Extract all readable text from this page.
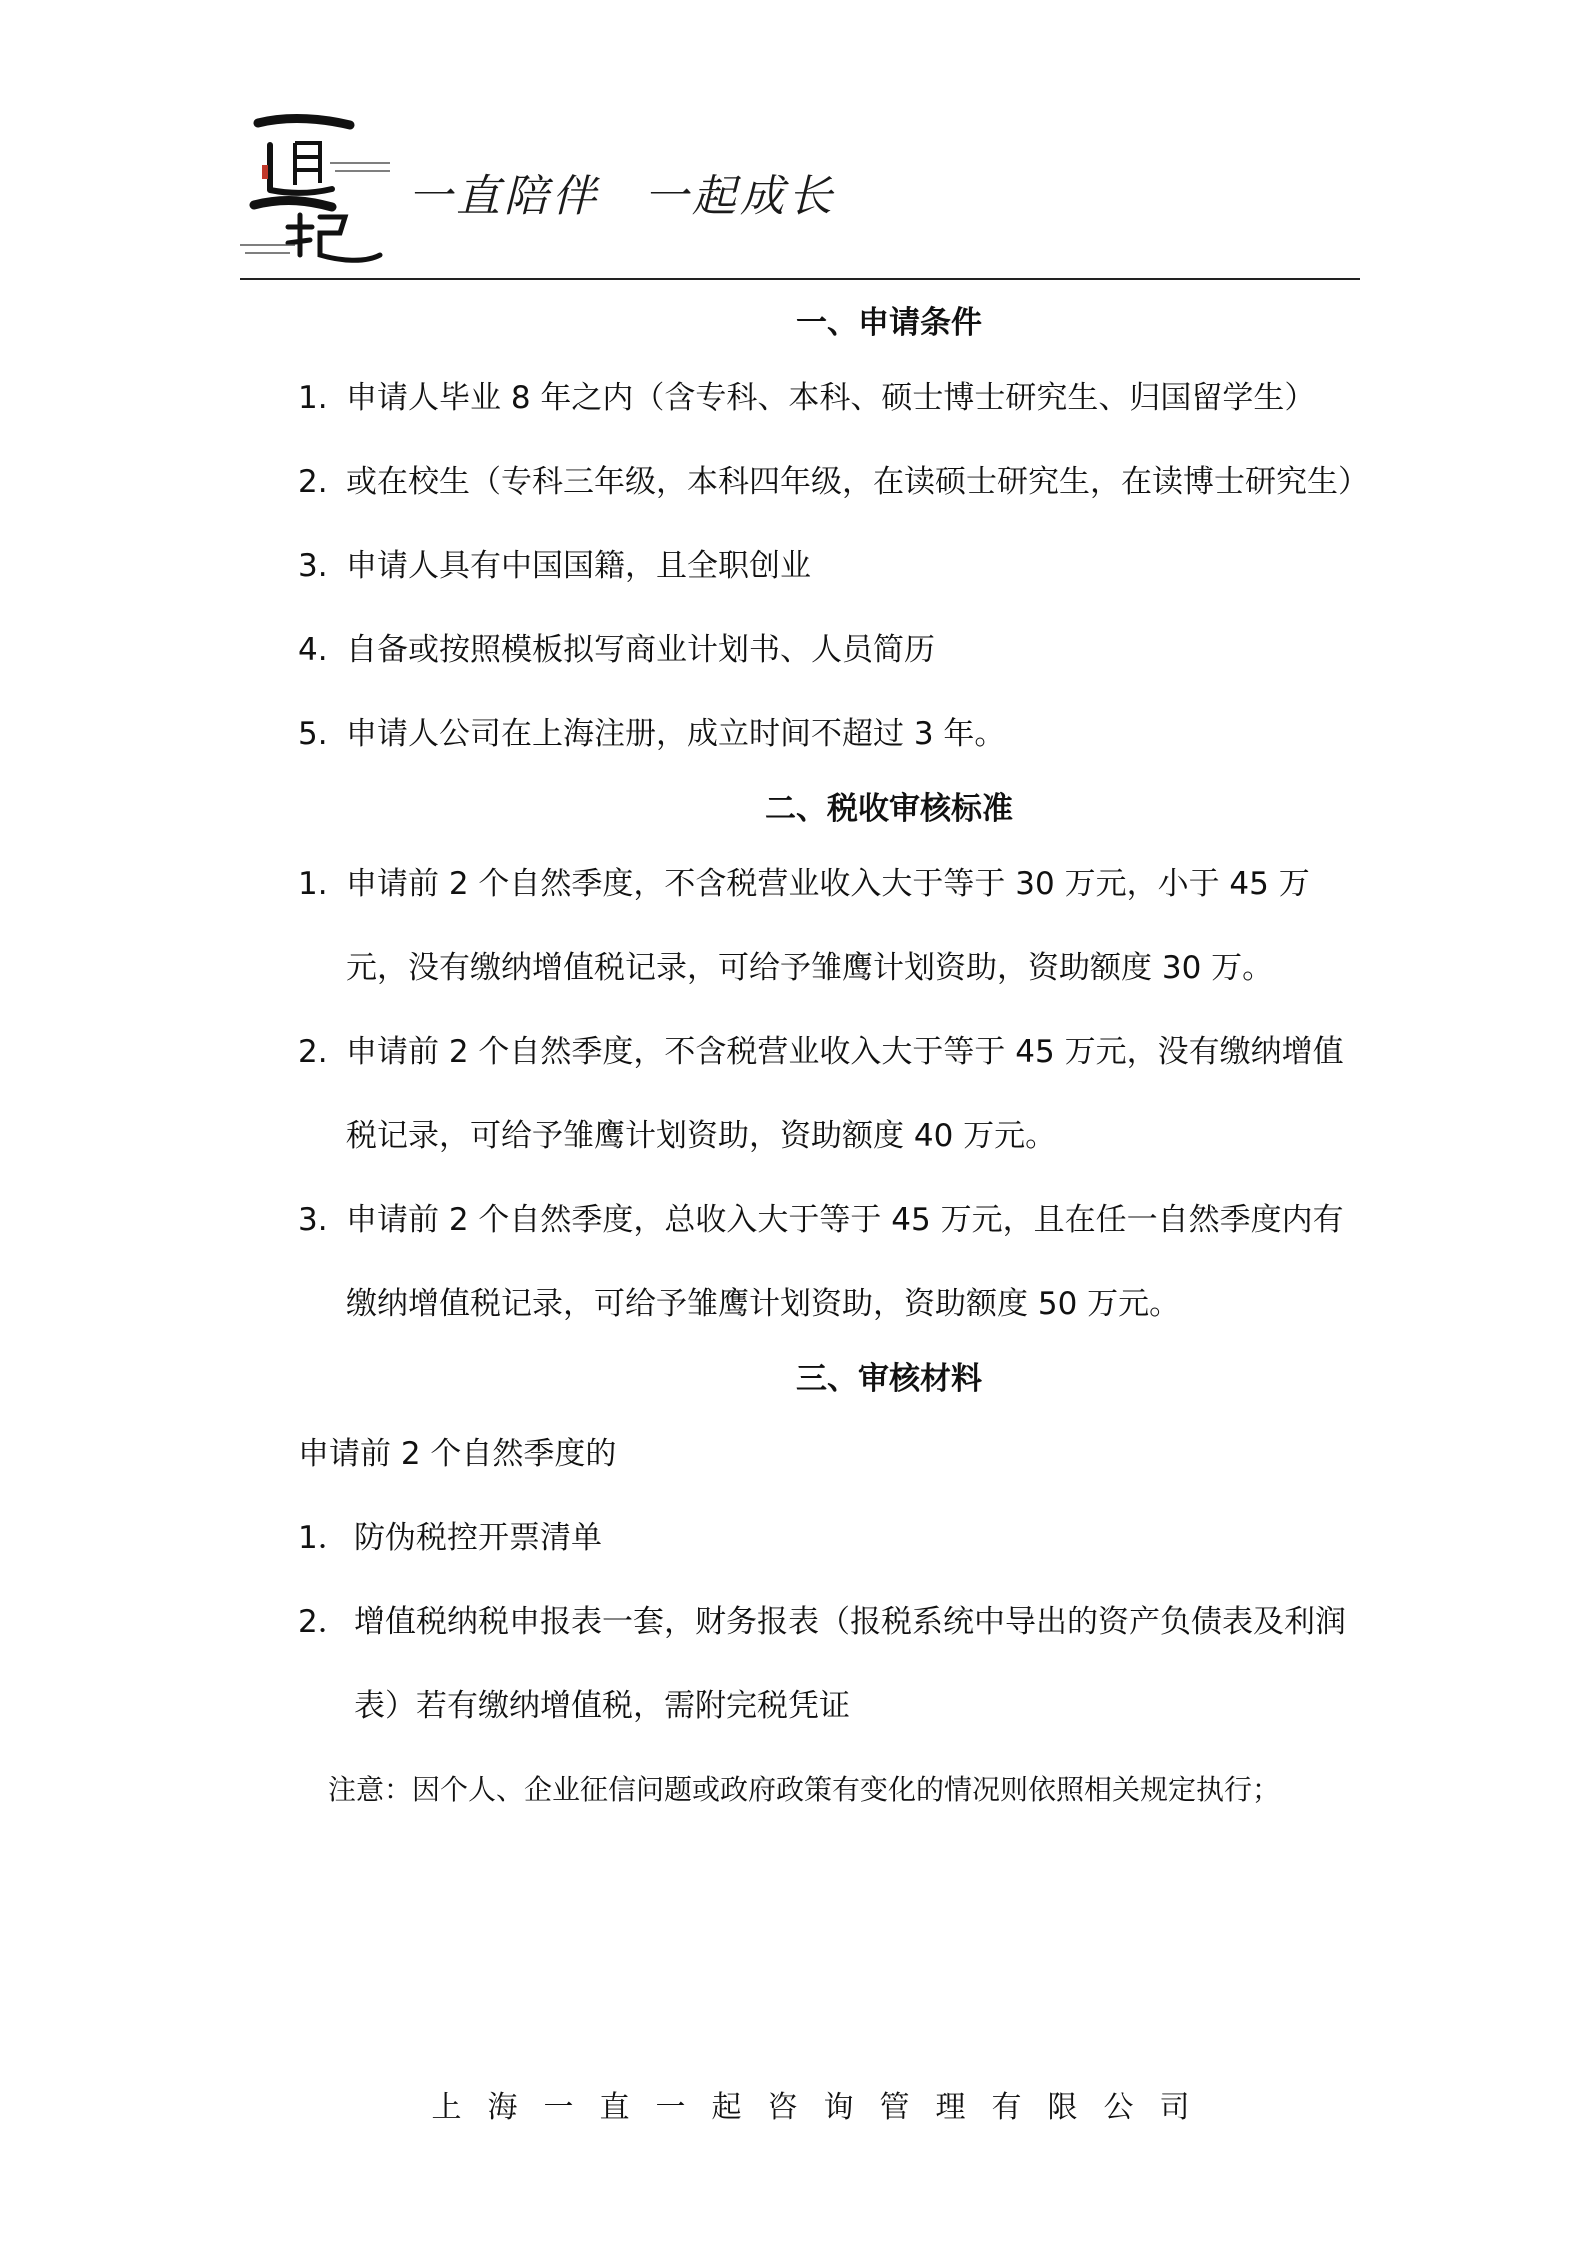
一直陪伴 一起成长
一、申请条件
1. 申请人毕业 8 年之内（含专科、本科、硕士博士研究生、归国留学生）
2. 或在校生（专科三年级，本科四年级，在读硕士研究生，在读博士研究生）
3. 申请人具有中国国籍，且全职创业
4. 自备或按照模板拟写商业计划书、人员简历
5. 申请人公司在上海注册，成立时间不超过 3 年。
二、税收审核标准
1. 申请前 2 个自然季度，不含税营业收入大于等于 30 万元，小于 45 万元，没有缴纳增值税记录，可给予雏鹰计划资助，资助额度 30 万。
2. 申请前 2 个自然季度，不含税营业收入大于等于 45 万元，没有缴纳增值税记录，可给予雏鹰计划资助，资助额度 40 万元。
3. 申请前 2 个自然季度，总收入大于等于 45 万元，且在任一自然季度内有缴纳增值税记录，可给予雏鹰计划资助，资助额度 50 万元。
三、审核材料
申请前 2 个自然季度的
1． 防伪税控开票清单
2． 增值税纳税申报表一套，财务报表（报税系统中导出的资产负债表及利润表）若有缴纳增值税，需附完税凭证
注意：因个人、企业征信问题或政府政策有变化的情况则依照相关规定执行；
上海一直一起咨询管理有限公司
